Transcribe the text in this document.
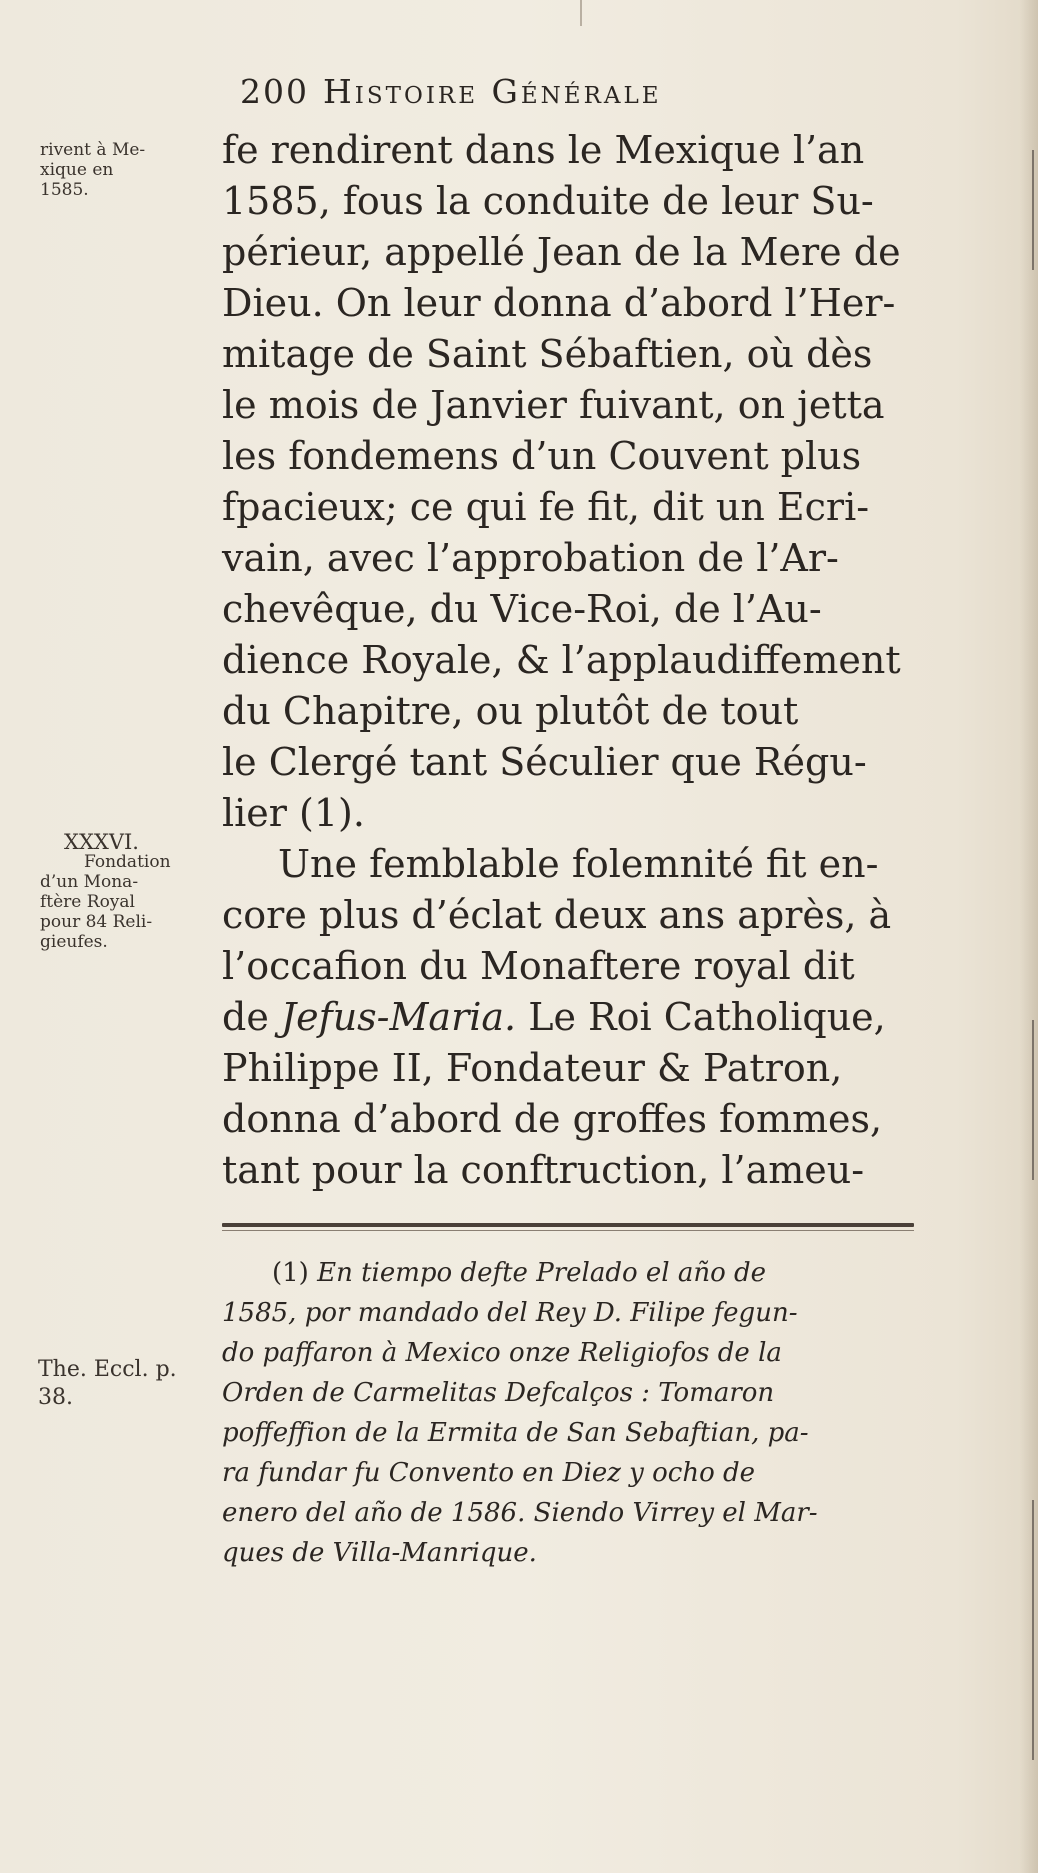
200 Histoire Générale
fe rendirent dans le Mexique l’an
1585, fous la conduite de leur Su-
périeur, appellé Jean de la Mere de
Dieu. On leur donna d’abord l’Her-
mitage de Saint Sébaftien, où dès
le mois de Janvier fuivant, on jetta
les fondemens d’un Couvent plus
fpacieux; ce qui fe fit, dit un Ecri-
vain, avec l’approbation de l’Ar-
chevêque, du Vice-Roi, de l’Au-
dience Royale, & l’applaudiffement
du Chapitre, ou plutôt de tout
le Clergé tant Séculier que Régu-
lier (1).
Une femblable folemnité fit en-
core plus d’éclat deux ans après, à
l’occafion du Monaftere royal dit
de Jefus-Maria. Le Roi Catholique,
Philippe II, Fondateur & Patron,
donna d’abord de groffes fommes,
tant pour la conftruction, l’ameu-
rivent à Me-
xique en
1585.
XXXVI.
Fondation
d’un Mona-
ftère Royal
pour 84 Reli-
gieufes.
The. Eccl. p.
38.
(1) En tiempo defte Prelado el año de
1585, por mandado del Rey D. Filipe fegun-
do paffaron à Mexico onze Religiofos de la
Orden de Carmelitas Defcalços : Tomaron
poffeffion de la Ermita de San Sebaftian, pa-
ra fundar fu Convento en Diez y ocho de
enero del año de 1586. Siendo Virrey el Mar-
ques de Villa-Manrique.
